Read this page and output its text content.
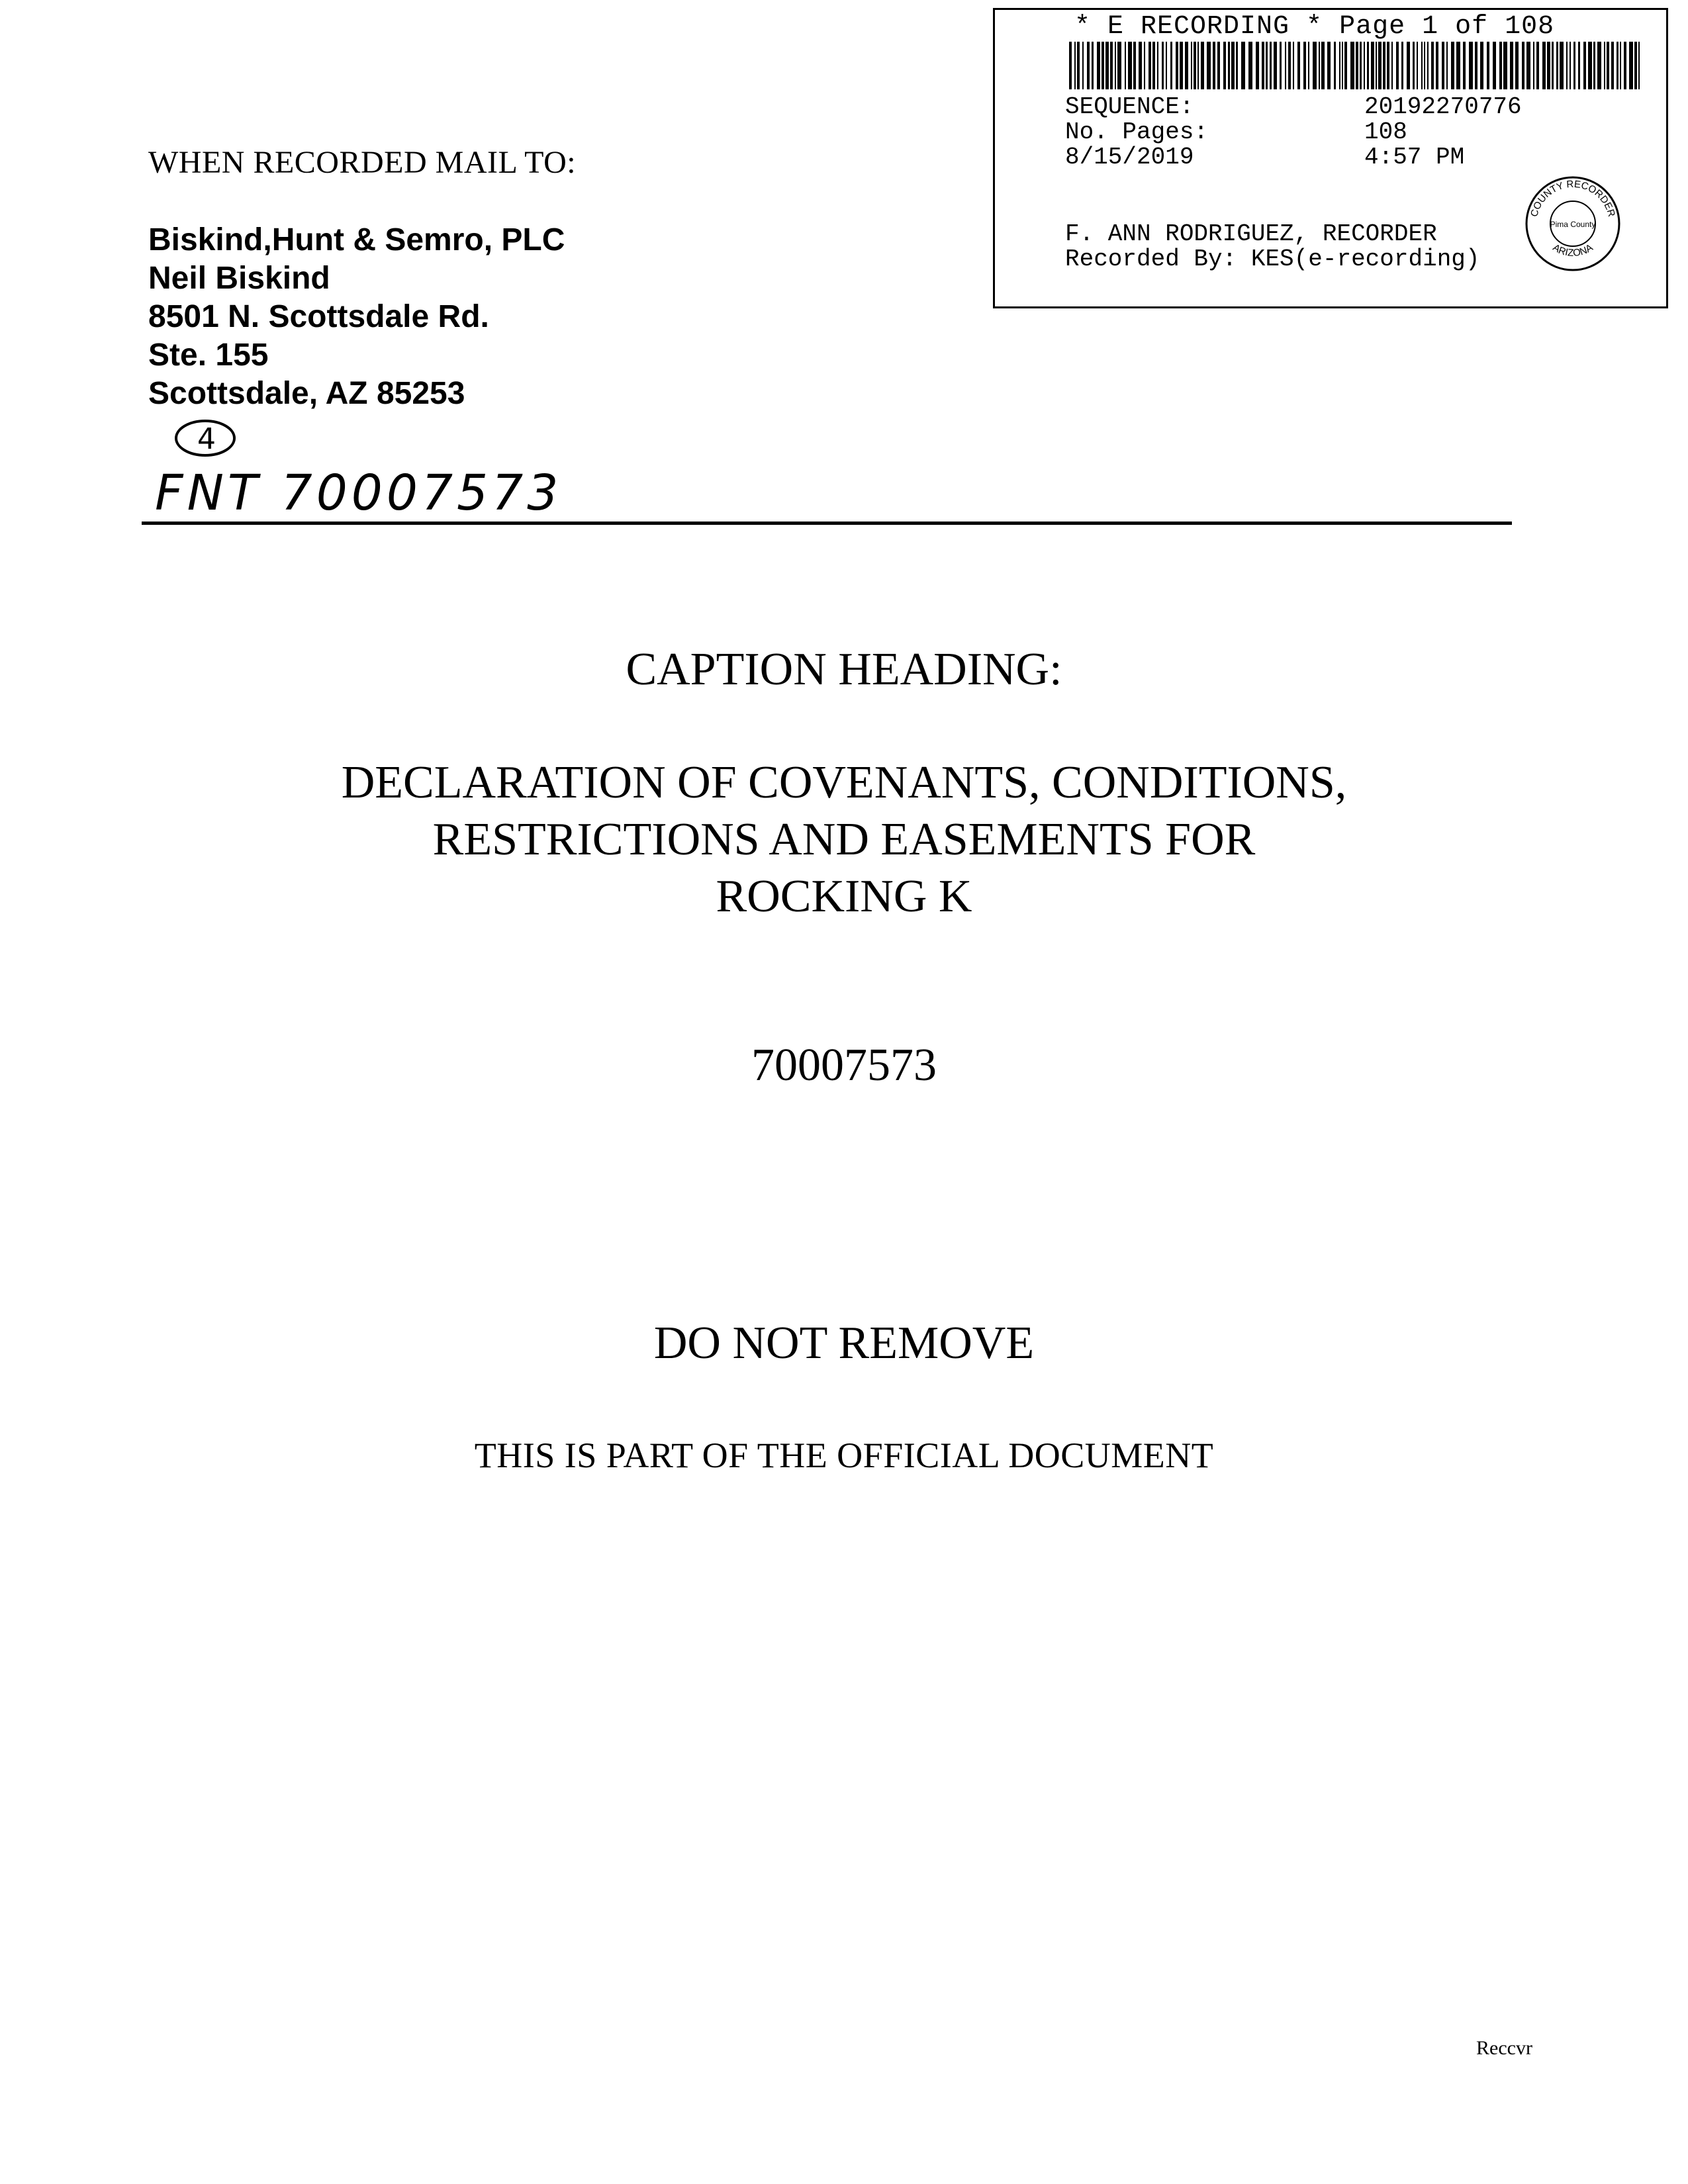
* E RECORDING * Page 1 of 108
SEQUENCE:	20192270776
No. Pages:	108
8/15/2019	4:57 PM
F. ANN RODRIGUEZ, RECORDER
Recorded By: KES(e-recording)
COUNTY RECORDER
ARIZONA
Pima County
WHEN RECORDED MAIL TO:
Biskind,Hunt & Semro, PLC
Neil Biskind
8501 N. Scottsdale Rd.
Ste. 155
Scottsdale, AZ 85253
4
FNT 70007573
CAPTION HEADING:
DECLARATION OF COVENANTS, CONDITIONS,
RESTRICTIONS AND EASEMENTS FOR
ROCKING K
70007573
DO NOT REMOVE
THIS IS PART OF THE OFFICIAL DOCUMENT
Reccvr
